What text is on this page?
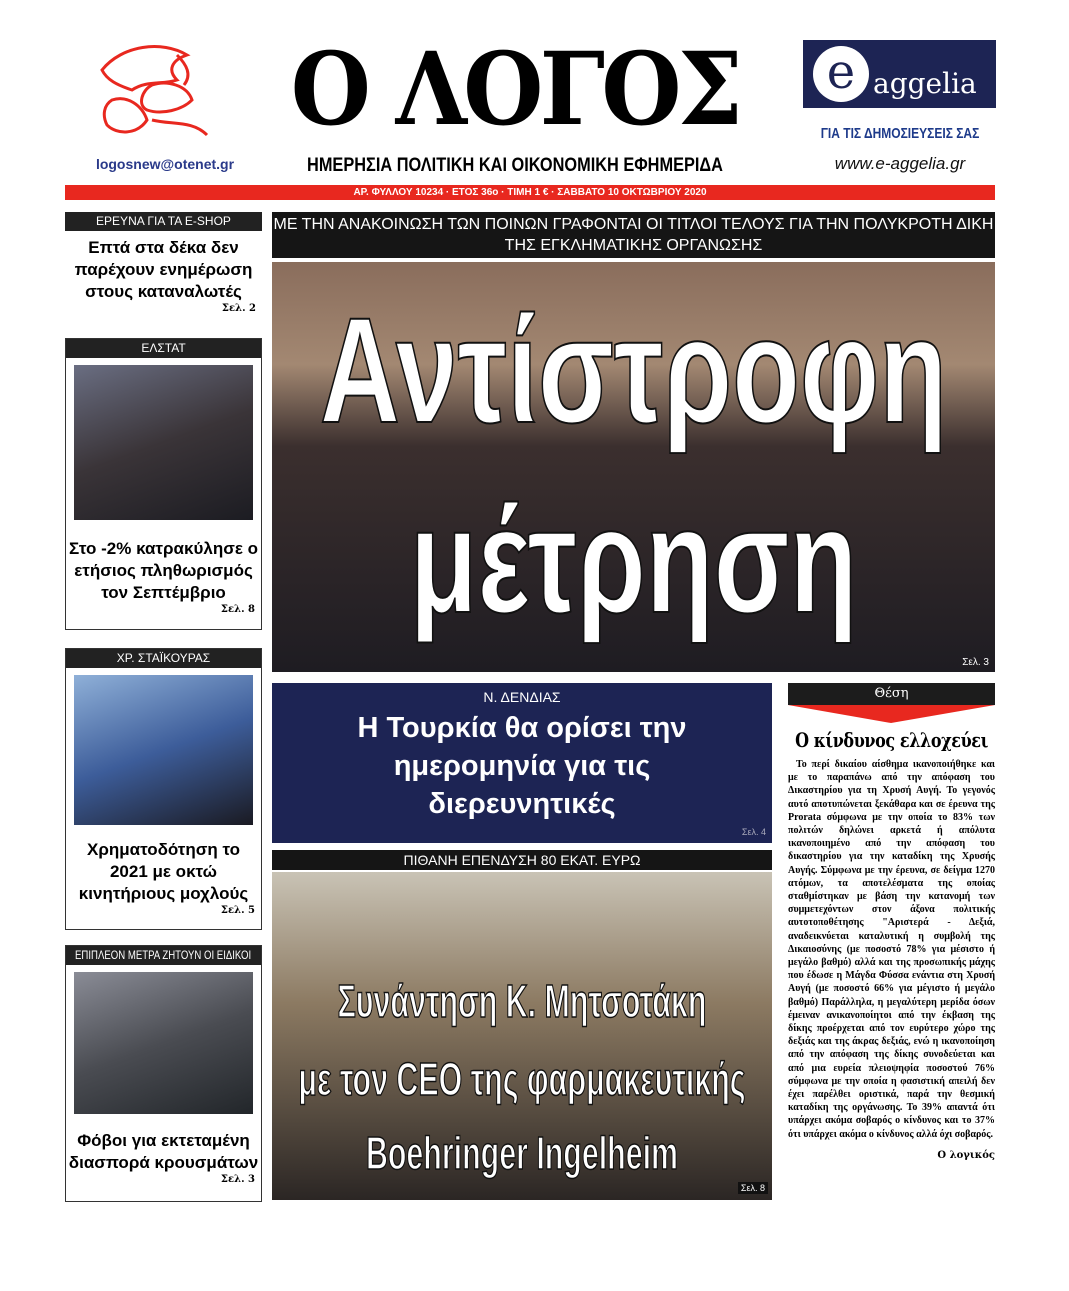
logosnew@otenet.gr
Ο ΛΟΓΟΣ
ΗΜΕΡΗΣΙΑ ΠΟΛΙΤΙΚΗ ΚΑΙ ΟΙΚΟΝΟΜΙΚΗ ΕΦΗΜΕΡΙΔΑ
e aggelia
ΓΙΑ ΤΙΣ ΔΗΜΟΣΙΕΥΣΕΙΣ ΣΑΣ
www.e-aggelia.gr
ΑΡ. ΦΥΛΛΟΥ 10234 · ΕΤΟΣ 36ο · ΤΙΜΗ 1 € · ΣΑΒΒΑΤΟ 10 ΟΚΤΩΒΡΙΟΥ 2020
ΕΡΕΥΝΑ ΓΙΑ ΤΑ E-SHOP
Επτά στα δέκα δεν παρέχουν ενημέρωση στους καταναλωτές
Σελ. 2
ΕΛΣΤΑΤ
Στο -2% κατρακύλησε ο ετήσιος πληθωρισμός τον Σεπτέμβριο
Σελ. 8
ΧΡ. ΣΤΑΪΚΟΥΡΑΣ
Χρηματοδότηση το 2021 με οκτώ κινητήριους μοχλούς
Σελ. 5
ΕΠΙΠΛΕΟΝ ΜΕΤΡΑ ΖΗΤΟΥΝ ΟΙ ΕΙΔΙΚΟΙ
Φόβοι για εκτεταμένη διασπορά κρουσμάτων
Σελ. 3
ΜΕ ΤΗΝ ΑΝΑΚΟΙΝΩΣΗ ΤΩΝ ΠΟΙΝΩΝ ΓΡΑΦΟΝΤΑΙ ΟΙ ΤΙΤΛΟΙ ΤΕΛΟΥΣ ΓΙΑ ΤΗΝ ΠΟΛΥΚΡΟΤΗ ΔΙΚΗ ΤΗΣ ΕΓΚΛΗΜΑΤΙΚΗΣ ΟΡΓΑΝΩΣΗΣ
Αντίστροφη
μέτρηση
Σελ. 3
Ν. ΔΕΝΔΙΑΣ
Η Τουρκία θα ορίσει την ημερομηνία για τις διερευνητικές
Σελ. 4
ΠΙΘΑΝΗ ΕΠΕΝΔΥΣΗ 80 ΕΚΑΤ. ΕΥΡΩ
Συνάντηση Κ. Μητσοτάκη
με τον CEO της φαρμακευτικής
Boehringer Ingelheim
Σελ. 8
Θέση
Ο κίνδυνος ελλοχεύει
Το περί δικαίου αίσθημα ικανοποιήθηκε και με το παραπάνω από την απόφαση του Δικαστηρίου για τη Χρυσή Αυγή. Το γεγονός αυτό αποτυπώνεται ξεκάθαρα και σε έρευνα της Prorata σύμφωνα με την οποία το 83% των πολιτών δηλώνει αρκετά ή απόλυτα ικανοποιημένο από την απόφαση του δικαστηρίου για την καταδίκη της Χρυσής Αυγής. Σύμφωνα με την έρευνα, σε δείγμα 1270 ατόμων, τα αποτελέσματα της οποίας σταθμίστηκαν με βάση την κατανομή των συμμετεχόντων στον άξονα πολιτικής αυτοτοποθέτησης "Αριστερά - Δεξιά, αναδεικνύεται καταλυτική η συμβολή της Δικαιοσύνης (με ποσοστό 78% για μέσιστο ή μεγάλο βαθμό) αλλά και της προσωπικής μάχης που έδωσε η Μάγδα Φύσσα ενάντια στη Χρυσή Αυγή (με ποσοστό 66% για μέγιστο ή μεγάλο βαθμό) Παράλληλα, η μεγαλύτερη μερίδα όσων έμειναν ανικανοποίητοι από την έκβαση της δίκης προέρχεται από τον ευρύτερο χώρο της δεξιάς και της άκρας δεξιάς, ενώ η ικανοποίηση από την απόφαση της δίκης συνοδεύεται και από μια ευρεία πλειοψηφία ποσοστού 76% σύμφωνα με την οποία η φασιστική απειλή δεν έχει παρέλθει οριστικά, παρά την θεσμική καταδίκη της οργάνωσης. Το 39% απαντά ότι υπάρχει ακόμα σοβαρός ο κίνδυνος και το 37% ότι υπάρχει ακόμα ο κίνδυνος αλλά όχι σοβαρός.
Ο λογικός
